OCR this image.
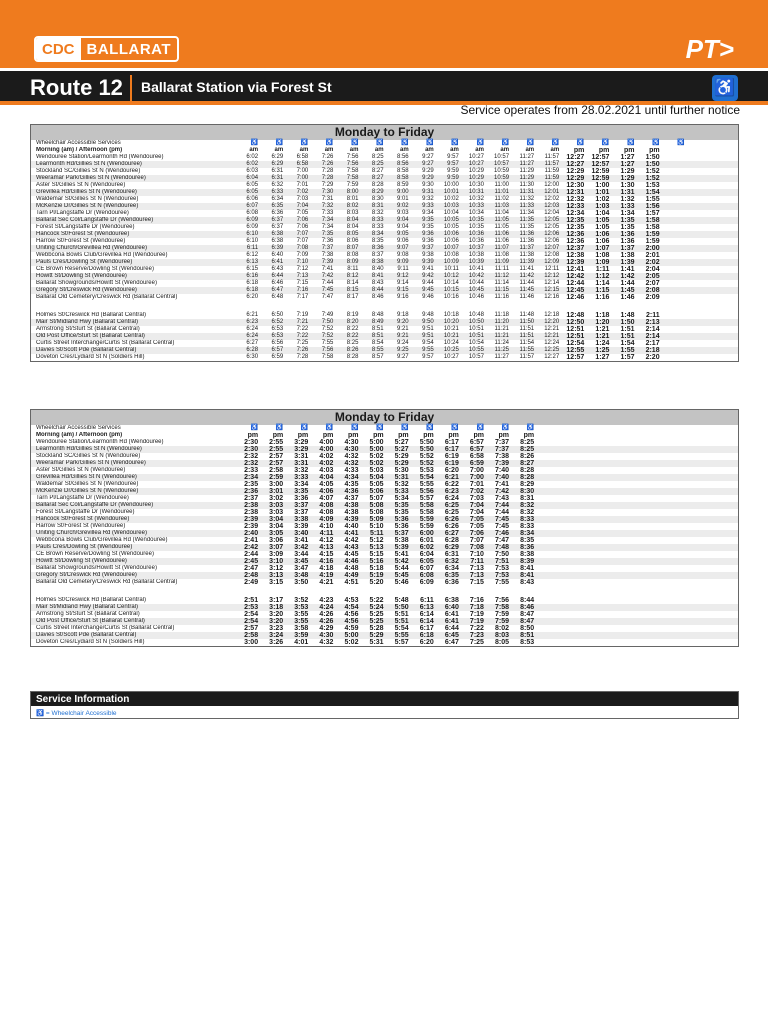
CDC BALLARAT	PT>
Route 12 Ballarat Station via Forest St	♿
Service operates from 28.02.2021 until further notice
Monday to Friday
Wheelchair Accessible Services	♿	♿	♿	♿	♿	♿	♿	♿	♿	♿	♿	♿	♿	♿	♿	♿	♿	♿
Morning (am) / Afternoon (pm)	am	am	am	am	am	am	am	am	am	am	am	am	am	pm	pm	pm	pm
Wendouree Station/Learmonth Rd (Wendouree)	6:02	6:29	6:58	7:26	7:56	8:25	8:56	9:27	9:57	10:27	10:57	11:27	11:57	12:27	12:57	1:27	1:50
Learmonth Rd/Gillies St N (Wendouree)	6:02	6:29	6:58	7:26	7:56	8:25	8:56	9:27	9:57	10:27	10:57	11:27	11:57	12:27	12:57	1:27	1:50
Stockland SC/Gillies St N (Wendouree)	6:03	6:31	7:00	7:28	7:58	8:27	8:58	9:29	9:59	10:29	10:59	11:29	11:59	12:29	12:59	1:29	1:52
Weeramar Park/Gillies St N (Wendouree)	6:04	6:31	7:00	7:28	7:58	8:27	8:58	9:29	9:59	10:29	10:59	11:29	11:59	12:29	12:59	1:29	1:52
Aster St/Gillies St N (Wendouree)	6:05	6:32	7:01	7:29	7:59	8:28	8:59	9:30	10:00	10:30	11:00	11:30	12:00	12:30	1:00	1:30	1:53
Grevillea Rd/Gillies St N (Wendouree)	6:05	6:33	7:02	7:30	8:00	8:29	9:00	9:31	10:01	10:31	11:01	11:31	12:01	12:31	1:01	1:31	1:54
Waldemar St/Gillies St N (Wendouree)	6:06	6:34	7:03	7:31	8:01	8:30	9:01	9:32	10:02	10:32	11:02	11:32	12:02	12:32	1:02	1:32	1:55
McKenzie Dr/Gillies St N (Wendouree)	6:07	6:35	7:04	7:32	8:02	8:31	9:02	9:33	10:03	10:33	11:03	11:33	12:03	12:33	1:03	1:33	1:56
Tarn Pl/Langstaffe Dr (Wendouree)	6:08	6:36	7:05	7:33	8:03	8:32	9:03	9:34	10:04	10:34	11:04	11:34	12:04	12:34	1:04	1:34	1:57
Ballarat Sec Col/Langstaffe Dr (Wendouree)	6:09	6:37	7:06	7:34	8:04	8:33	9:04	9:35	10:05	10:35	11:05	11:35	12:05	12:35	1:05	1:35	1:58
Forest St/Langstaffe Dr (Wendouree)	6:09	6:37	7:06	7:34	8:04	8:33	9:04	9:35	10:05	10:35	11:05	11:35	12:05	12:35	1:05	1:35	1:58
Hancock St/Forest St (Wendouree)	6:10	6:38	7:07	7:35	8:05	8:34	9:05	9:36	10:06	10:36	11:06	11:36	12:06	12:36	1:06	1:36	1:59
Harrow St/Forest St (Wendouree)	6:10	6:38	7:07	7:36	8:06	8:35	9:06	9:36	10:06	10:36	11:06	11:36	12:06	12:36	1:06	1:36	1:59
Uniting Church/Grevillea Rd (Wendouree)	6:11	6:39	7:08	7:37	8:07	8:36	9:07	9:37	10:07	10:37	11:07	11:37	12:07	12:37	1:07	1:37	2:00
Webbcona Bowls Club/Grevillea Rd (Wendouree)	6:12	6:40	7:09	7:38	8:08	8:37	9:08	9:38	10:08	10:38	11:08	11:38	12:08	12:38	1:08	1:38	2:01
Pauls Cres/Dowling St (Wendouree)	6:13	6:41	7:10	7:39	8:09	8:38	9:09	9:39	10:09	10:39	11:09	11:39	12:09	12:39	1:09	1:39	2:02
CE Brown Reserve/Dowling St (Wendouree)	6:15	6:43	7:12	7:41	8:11	8:40	9:11	9:41	10:11	10:41	11:11	11:41	12:11	12:41	1:11	1:41	2:04
Howitt St/Dowling St (Wendouree)	6:16	6:44	7:13	7:42	8:12	8:41	9:12	9:42	10:12	10:42	11:12	11:42	12:12	12:42	1:12	1:42	2:05
Ballarat Showgrounds/Howitt St (Wendouree)	6:18	6:46	7:15	7:44	8:14	8:43	9:14	9:44	10:14	10:44	11:14	11:44	12:14	12:44	1:14	1:44	2:07
Gregory St/Creswick Rd (Wendouree)	6:18	6:47	7:16	7:45	8:15	8:44	9:15	9:45	10:15	10:45	11:15	11:45	12:15	12:45	1:15	1:45	2:08
Ballarat Old Cemetery/Creswick Rd (Ballarat Central)	6:20	6:48	7:17	7:47	8:17	8:46	9:16	9:46	10:16	10:46	11:16	11:46	12:16	12:46	1:16	1:46	2:09
Holmes St/Creswick Rd (Ballarat Central)	6:21	6:50	7:19	7:49	8:19	8:48	9:18	9:48	10:18	10:48	11:18	11:48	12:18	12:48	1:18	1:48	2:11
Mair St/Midland Hwy (Ballarat Central)	6:23	6:52	7:21	7:50	8:20	8:49	9:20	9:50	10:20	10:50	11:20	11:50	12:20	12:50	1:20	1:50	2:13
Armstrong St/Sturt St (Ballarat Central)	6:24	6:53	7:22	7:52	8:22	8:51	9:21	9:51	10:21	10:51	11:21	11:51	12:21	12:51	1:21	1:51	2:14
Old Post Office/Sturt St (Ballarat Central)	6:24	6:53	7:22	7:52	8:22	8:51	9:21	9:51	10:21	10:51	11:21	11:51	12:21	12:51	1:21	1:51	2:14
Curtis Street Interchange/Curtis St (Ballarat Central)	6:27	6:56	7:25	7:55	8:25	8:54	9:24	9:54	10:24	10:54	11:24	11:54	12:24	12:54	1:24	1:54	2:17
Davies St/Scott Pde (Ballarat Central)	6:28	6:57	7:26	7:56	8:26	8:55	9:25	9:55	10:25	10:55	11:25	11:55	12:25	12:55	1:25	1:55	2:18
Doveton Cres/Lydiard St N (Soldiers Hill)	6:30	6:59	7:28	7:58	8:28	8:57	9:27	9:57	10:27	10:57	11:27	11:57	12:27	12:57	1:27	1:57	2:20
Monday to Friday
Wheelchair Accessible Services	♿	♿	♿	♿	♿	♿	♿	♿	♿	♿	♿	♿
Morning (am) / Afternoon (pm)	pm	pm	pm	pm	pm	pm	pm	pm	pm	pm	pm	pm
Wendouree Station/Learmonth Rd (Wendouree)	2:30	2:55	3:29	4:00	4:30	5:00	5:27	5:50	6:17	6:57	7:37	8:25
Learmonth Rd/Gillies St N (Wendouree)	2:30	2:55	3:29	4:00	4:30	5:00	5:27	5:50	6:17	6:57	7:37	8:25
Stockland SC/Gillies St N (Wendouree)	2:32	2:57	3:31	4:02	4:32	5:02	5:29	5:52	6:19	6:58	7:38	8:26
Weeramar Park/Gillies St N (Wendouree)	2:32	2:57	3:31	4:02	4:32	5:02	5:29	5:52	6:19	6:59	7:39	8:27
Aster St/Gillies St N (Wendouree)	2:33	2:58	3:32	4:03	4:33	5:03	5:30	5:53	6:20	7:00	7:40	8:28
Grevillea Rd/Gillies St N (Wendouree)	2:34	2:59	3:33	4:04	4:34	5:04	5:31	5:54	6:21	7:00	7:40	8:28
Waldemar St/Gillies St N (Wendouree)	2:35	3:00	3:34	4:05	4:35	5:05	5:32	5:55	6:22	7:01	7:41	8:29
McKenzie Dr/Gillies St N (Wendouree)	2:36	3:01	3:35	4:06	4:36	5:06	5:33	5:56	6:23	7:02	7:42	8:30
Tarn Pl/Langstaffe Dr (Wendouree)	2:37	3:02	3:36	4:07	4:37	5:07	5:34	5:57	6:24	7:03	7:43	8:31
Ballarat Sec Col/Langstaffe Dr (Wendouree)	2:38	3:03	3:37	4:08	4:38	5:08	5:35	5:58	6:25	7:04	7:44	8:32
Forest St/Langstaffe Dr (Wendouree)	2:38	3:03	3:37	4:08	4:38	5:08	5:35	5:58	6:25	7:04	7:44	8:32
Hancock St/Forest St (Wendouree)	2:39	3:04	3:38	4:09	4:39	5:09	5:36	5:59	6:26	7:05	7:45	8:33
Harrow St/Forest St (Wendouree)	2:39	3:04	3:39	4:10	4:40	5:10	5:36	5:59	6:26	7:05	7:45	8:33
Uniting Church/Grevillea Rd (Wendouree)	2:40	3:05	3:40	4:11	4:41	5:11	5:37	6:00	6:27	7:06	7:46	8:34
Webbcona Bowls Club/Grevillea Rd (Wendouree)	2:41	3:06	3:41	4:12	4:42	5:12	5:38	6:01	6:28	7:07	7:47	8:35
Pauls Cres/Dowling St (Wendouree)	2:42	3:07	3:42	4:13	4:43	5:13	5:39	6:02	6:29	7:08	7:48	8:36
CE Brown Reserve/Dowling St (Wendouree)	2:44	3:09	3:44	4:15	4:45	5:15	5:41	6:04	6:31	7:10	7:50	8:38
Howitt St/Dowling St (Wendouree)	2:45	3:10	3:45	4:16	4:46	5:16	5:42	6:05	6:32	7:11	7:51	8:39
Ballarat Showgrounds/Howitt St (Wendouree)	2:47	3:12	3:47	4:18	4:48	5:18	5:44	6:07	6:34	7:13	7:53	8:41
Gregory St/Creswick Rd (Wendouree)	2:48	3:13	3:48	4:19	4:49	5:19	5:45	6:08	6:35	7:13	7:53	8:41
Ballarat Old Cemetery/Creswick Rd (Ballarat Central)	2:49	3:15	3:50	4:21	4:51	5:20	5:46	6:09	6:36	7:15	7:55	8:43
Holmes St/Creswick Rd (Ballarat Central)	2:51	3:17	3:52	4:23	4:53	5:22	5:48	6:11	6:38	7:16	7:56	8:44
Mair St/Midland Hwy (Ballarat Central)	2:53	3:18	3:53	4:24	4:54	5:24	5:50	6:13	6:40	7:18	7:58	8:46
Armstrong St/Sturt St (Ballarat Central)	2:54	3:20	3:55	4:26	4:56	5:25	5:51	6:14	6:41	7:19	7:59	8:47
Old Post Office/Sturt St (Ballarat Central)	2:54	3:20	3:55	4:26	4:56	5:25	5:51	6:14	6:41	7:19	7:59	8:47
Curtis Street Interchange/Curtis St (Ballarat Central)	2:57	3:23	3:58	4:29	4:59	5:28	5:54	6:17	6:44	7:22	8:02	8:50
Davies St/Scott Pde (Ballarat Central)	2:58	3:24	3:59	4:30	5:00	5:29	5:55	6:18	6:45	7:23	8:03	8:51
Doveton Cres/Lydiard St N (Soldiers Hill)	3:00	3:26	4:01	4:32	5:02	5:31	5:57	6:20	6:47	7:25	8:05	8:53
Service Information
♿ = Wheelchair Accessible
